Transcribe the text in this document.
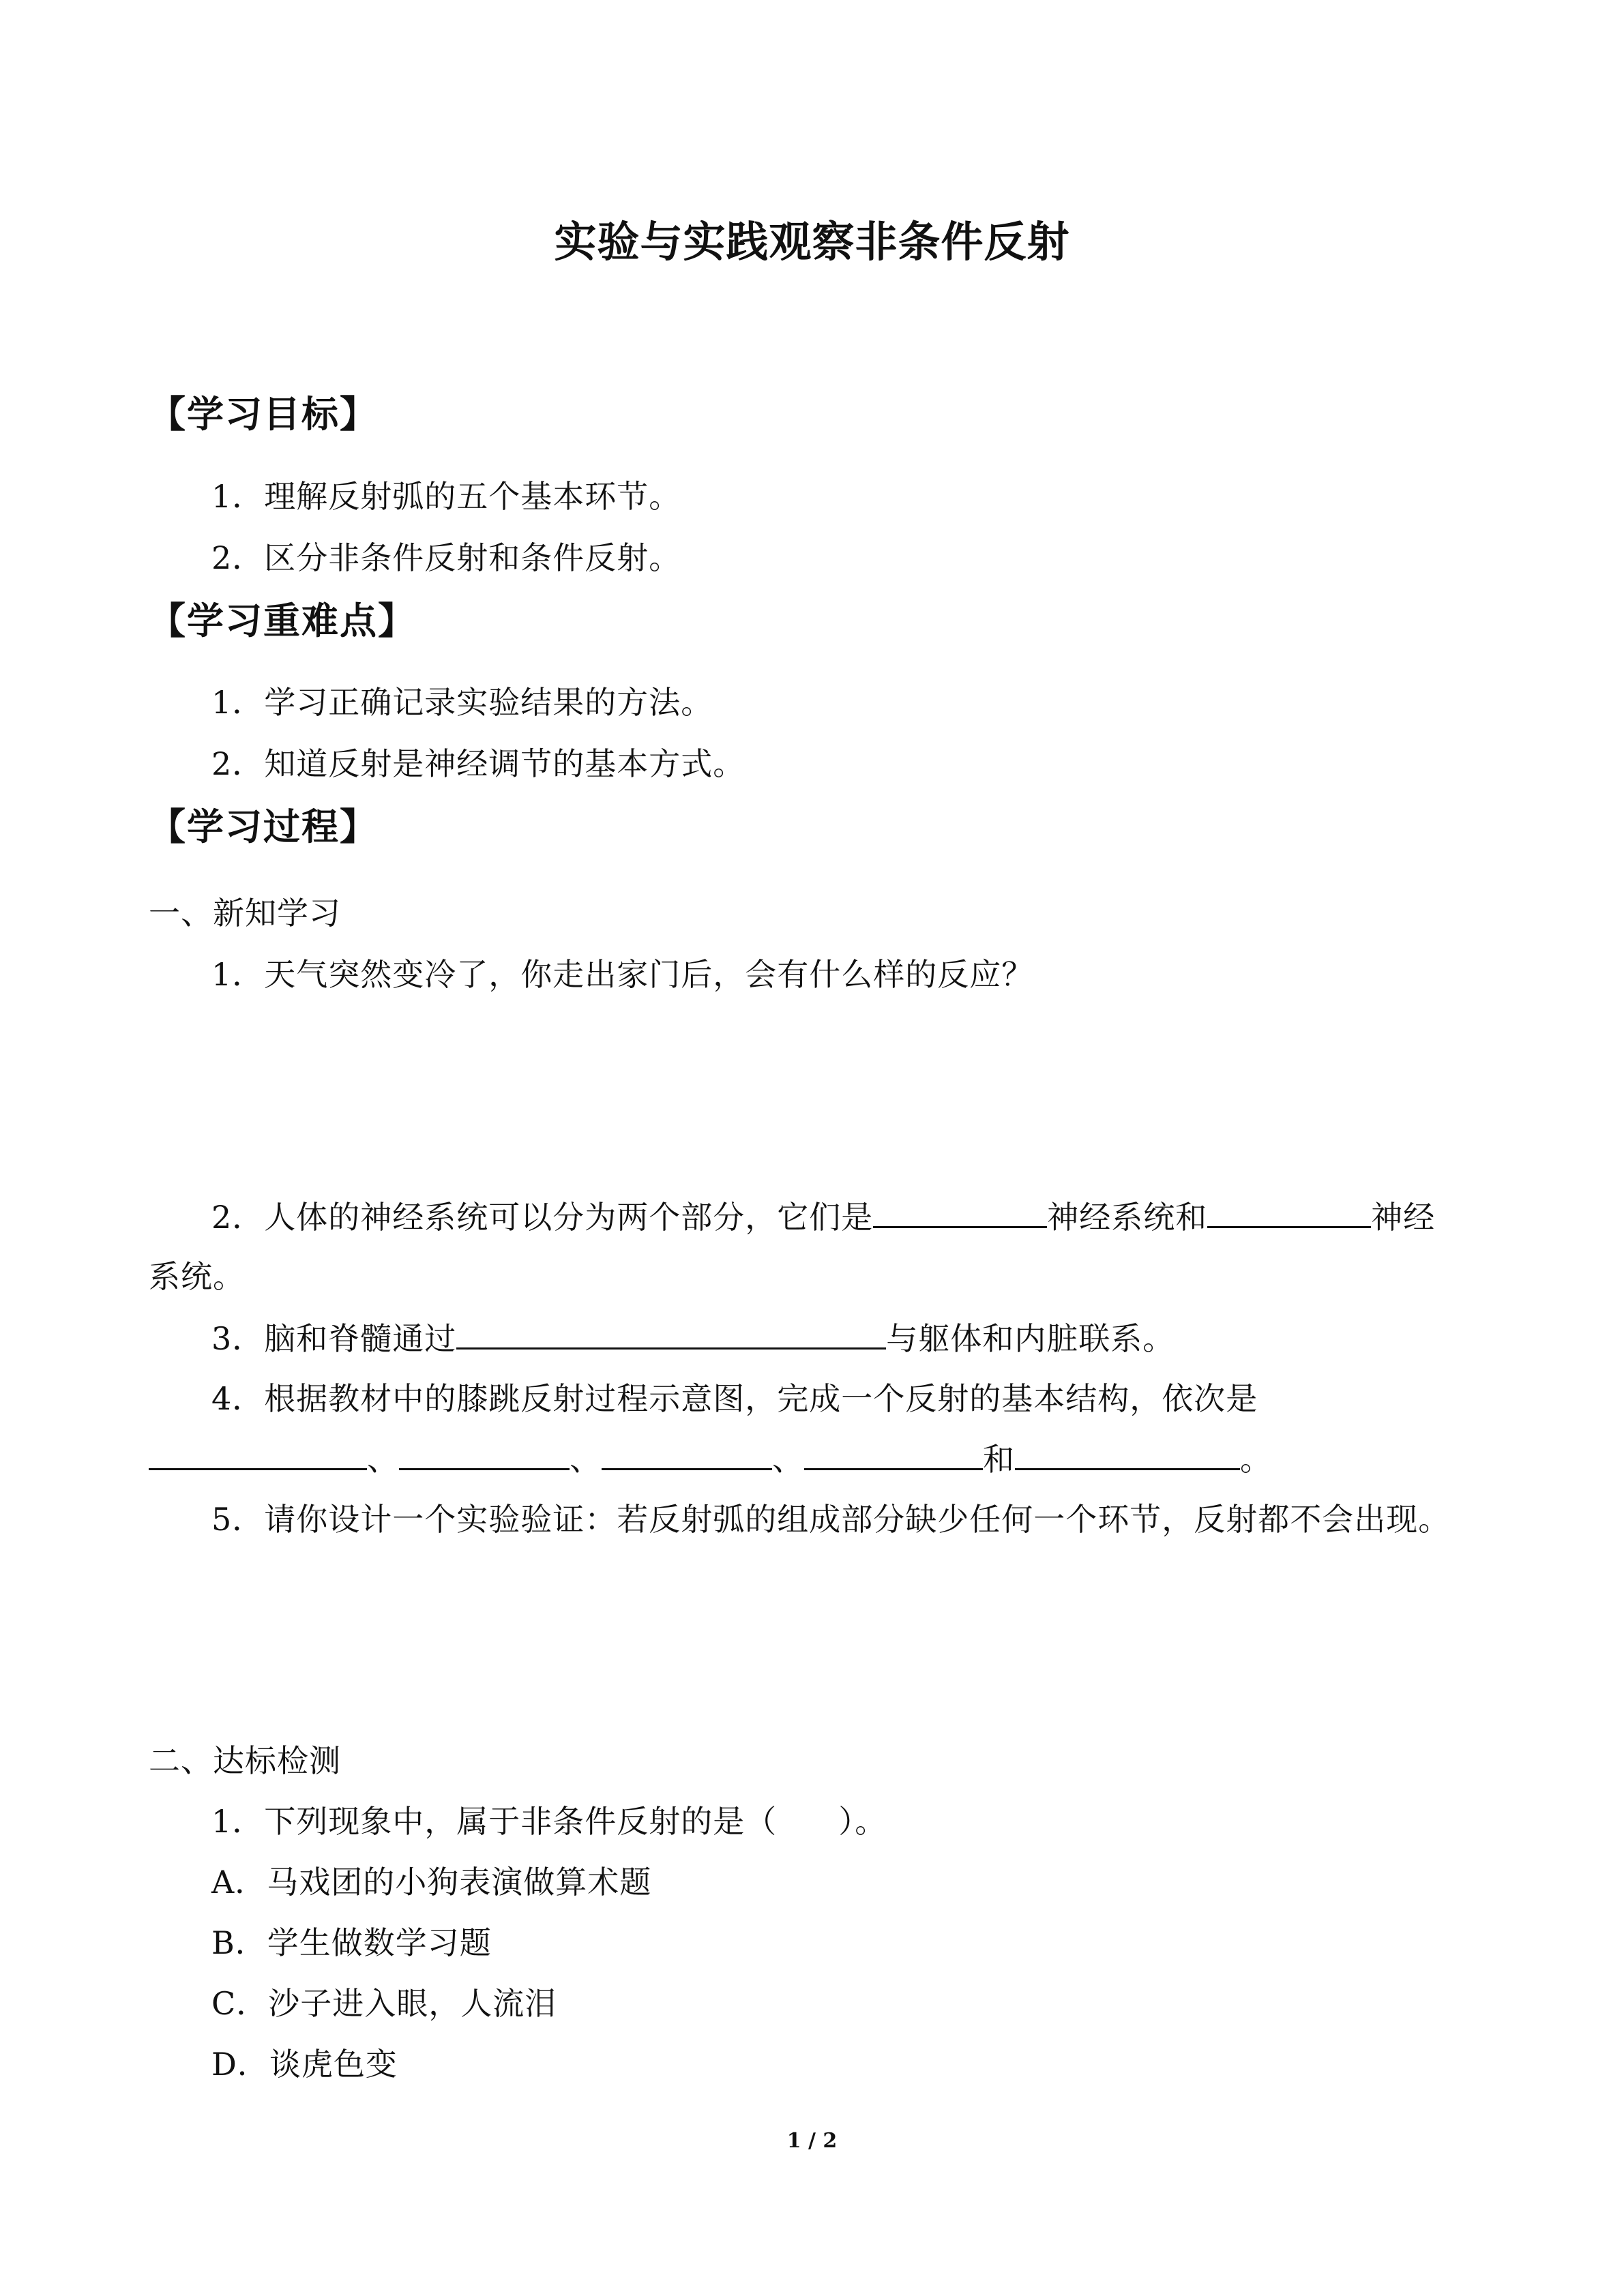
实验与实践观察非条件反射
【学习目标】
1．理解反射弧的五个基本环节。
2．区分非条件反射和条件反射。
【学习重难点】
1．学习正确记录实验结果的方法。
2．知道反射是神经调节的基本方式。
【学习过程】
一、新知学习
1．天气突然变冷了，你走出家门后，会有什么样的反应？
2．人体的神经系统可以分为两个部分，它们是	神经系统和	神经
系统。
3．脑和脊髓通过	与躯体和内脏联系。
4．根据教材中的膝跳反射过程示意图，完成一个反射的基本结构，依次是
、	、	、	和	。
5．请你设计一个实验验证：若反射弧的组成部分缺少任何一个环节，反射都不会出现。
二、达标检测
1．下列现象中，属于非条件反射的是（ ）。
A．马戏团的小狗表演做算术题
B．学生做数学习题
C．沙子进入眼，人流泪
D．谈虎色变
1 / 2
